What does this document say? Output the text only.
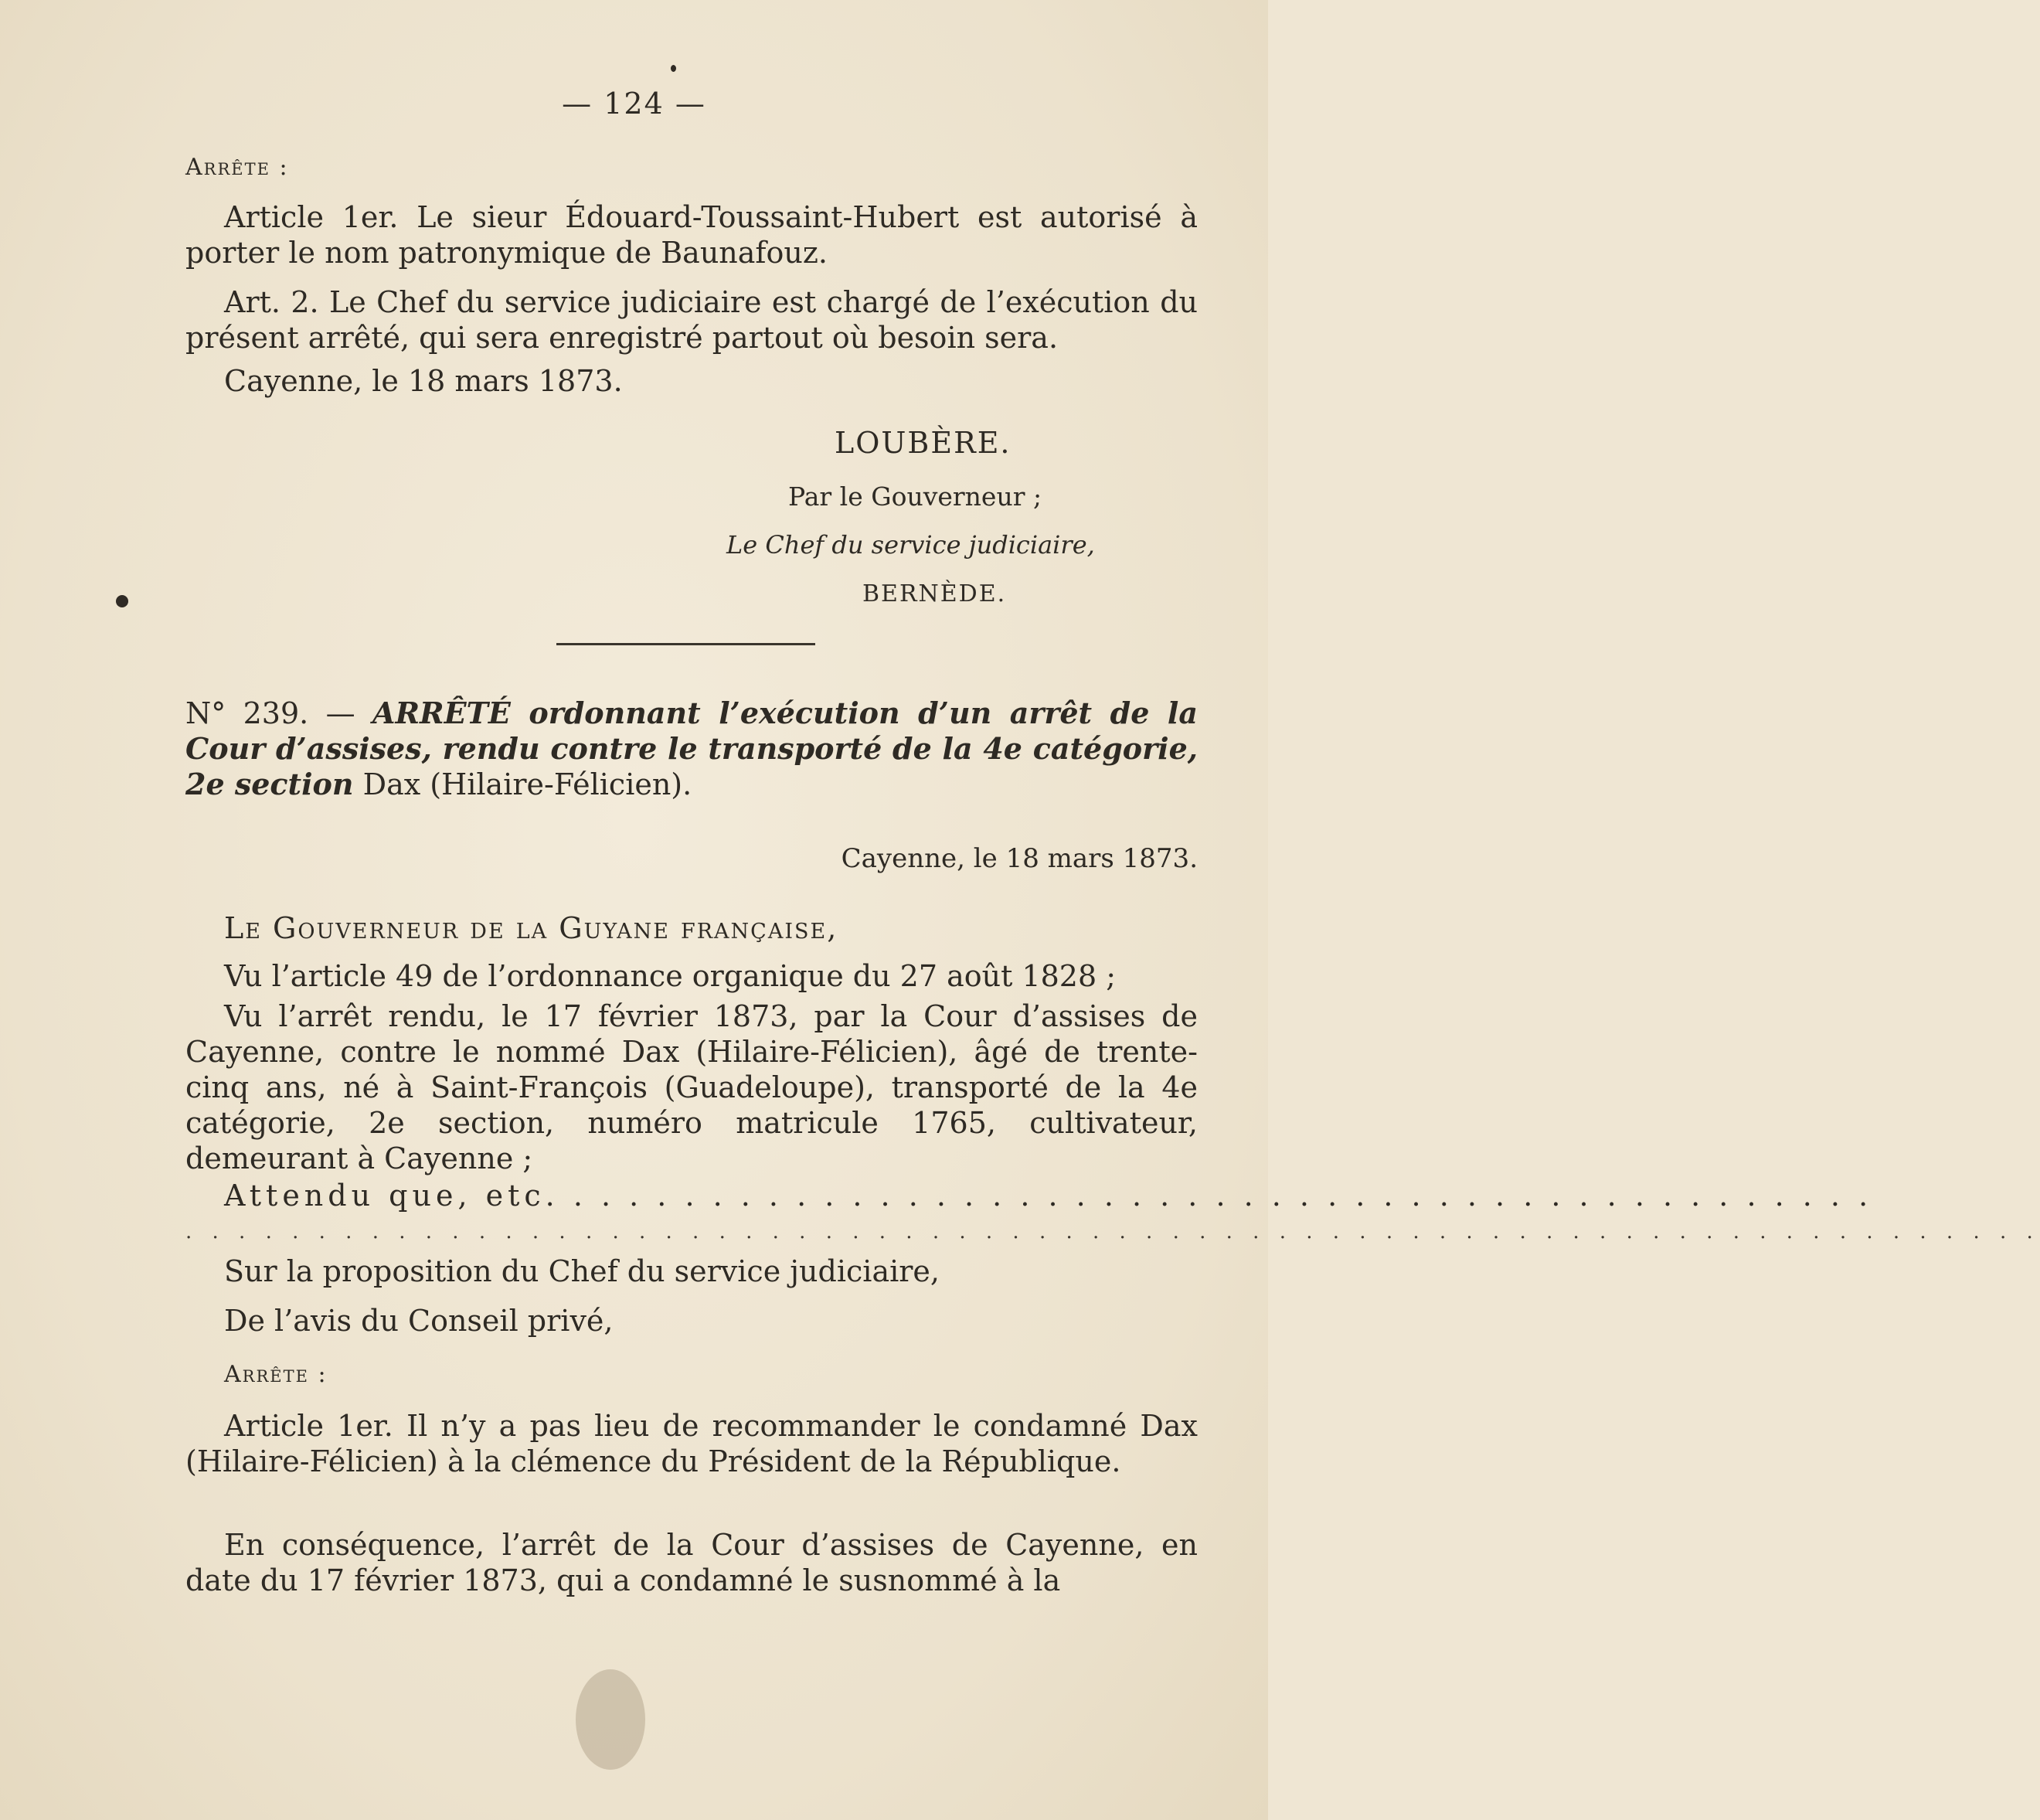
— 124 —

Arrête :

Article 1er. Le sieur Édouard-Toussaint-Hubert est autorisé à porter le nom patronymique de Baunafouz.

Art. 2. Le Chef du service judiciaire est chargé de l’exécution du présent arrêté, qui sera enregistré partout où besoin sera.

Cayenne, le 18 mars 1873.

LOUBÈRE.

Par le Gouverneur ;

Le Chef du service judiciaire,

BERNÈDE.

N° 239. — ARRÊTÉ ordonnant l’exécution d’un arrêt de la Cour d’assises, rendu contre le transporté de la 4e catégorie, 2e section Dax (Hilaire-Félicien).

Cayenne, le 18 mars 1873.

Le Gouverneur de la Guyane française,

Vu l’article 49 de l’ordonnance organique du 27 août 1828 ;

Vu l’arrêt rendu, le 17 février 1873, par la Cour d’assises de Cayenne, contre le nommé Dax (Hilaire-Félicien), âgé de trente-cinq ans, né à Saint-François (Guadeloupe), transporté de la 4e catégorie, 2e section, numéro matricule 1765, cultivateur, demeurant à Cayenne ;

Attendu que, etc. . . . . . . . . . . . . . . . . . . . . . . . . . . . . . . . . . . . . . . . . . . . . . . .

Sur la proposition du Chef du service judiciaire,

De l’avis du Conseil privé,

Arrête :

Article 1er. Il n’y a pas lieu de recommander le condamné Dax (Hilaire-Félicien) à la clémence du Président de la République.

En conséquence, l’arrêt de la Cour d’assises de Cayenne, en date du 17 février 1873, qui a condamné le susnommé à la

. . . . . . . . . . . . . . . . . . . . . . . . . . . . . . . . . . . . . . . . . . . . . . . . . . . . . . . . . . . . . . . . . . . . . .
